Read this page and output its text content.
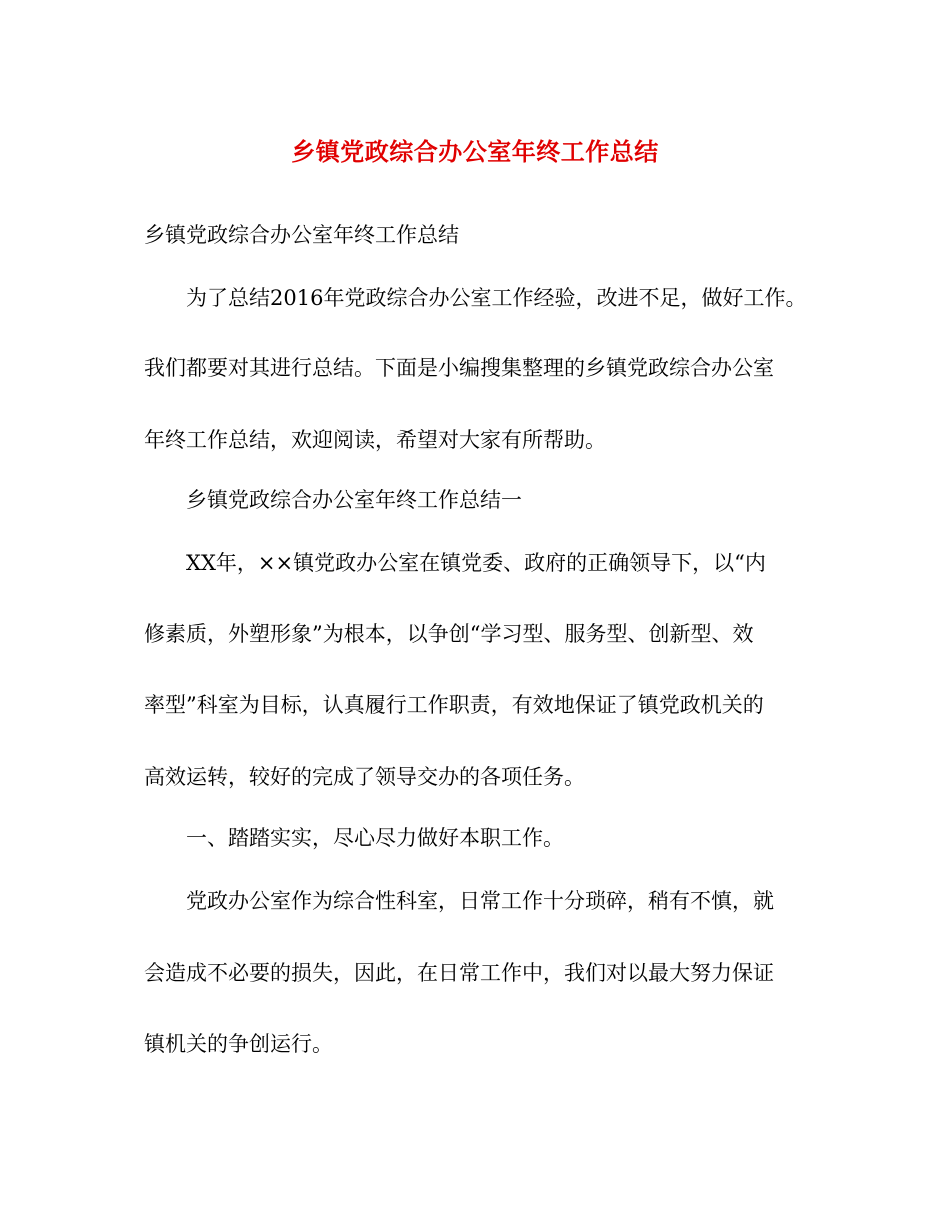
乡镇党政综合办公室年终工作总结
乡镇党政综合办公室年终工作总结
为了总结2016年党政综合办公室工作经验，改进不足，做好工作。
我们都要对其进行总结。下面是小编搜集整理的乡镇党政综合办公室
年终工作总结，欢迎阅读，希望对大家有所帮助。
乡镇党政综合办公室年终工作总结一
XX年，××镇党政办公室在镇党委、政府的正确领导下，以“内
修素质，外塑形象”为根本，以争创“学习型、服务型、创新型、效
率型”科室为目标，认真履行工作职责，有效地保证了镇党政机关的
高效运转，较好的完成了领导交办的各项任务。
一、踏踏实实，尽心尽力做好本职工作。
党政办公室作为综合性科室，日常工作十分琐碎，稍有不慎，就
会造成不必要的损失，因此，在日常工作中，我们对以最大努力保证
镇机关的争创运行。
